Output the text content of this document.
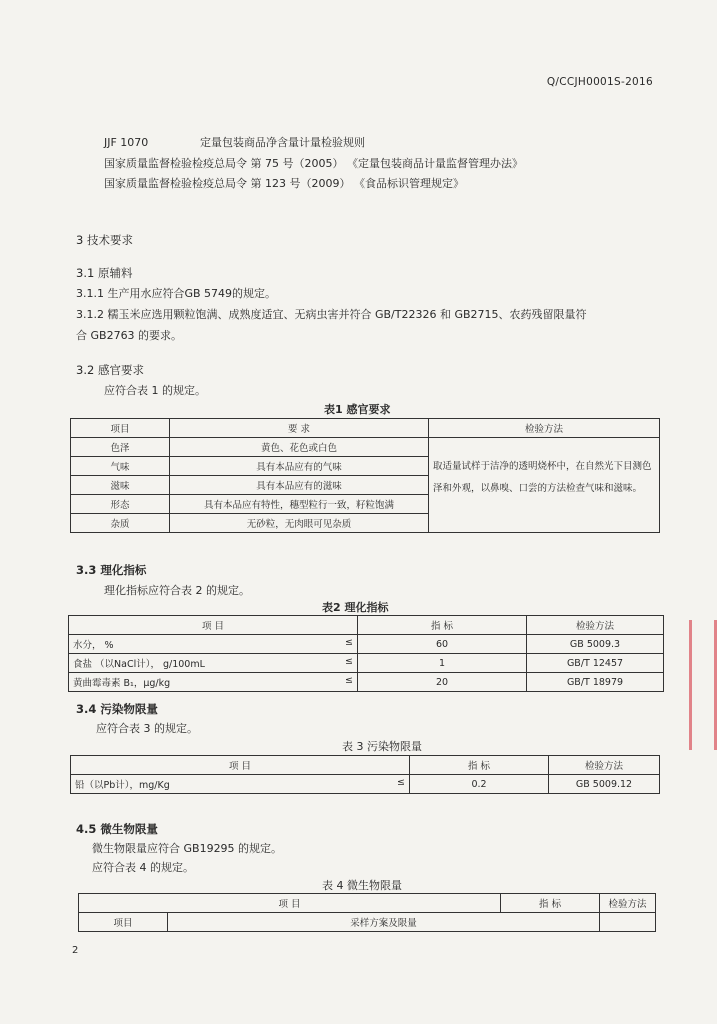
Q/CCJH0001S-2016
JJF 1070	定量包装商品净含量计量检验规则
国家质量监督检验检疫总局令 第 75 号（2005） 《定量包装商品计量监督管理办法》
国家质量监督检验检疫总局令 第 123 号（2009） 《食品标识管理规定》
3 技术要求
3.1 原辅料
3.1.1 生产用水应符合GB 5749的规定。
3.1.2 糯玉米应选用颗粒饱满、成熟度适宜、无病虫害并符合 GB/T22326 和 GB2715、农药残留限量符
合 GB2763 的要求。
3.2 感官要求
应符合表 1 的规定。
表1 感官要求
项目	要 求	检验方法
色泽	黄色、花色或白色	取适量试样于洁净的透明烧杯中，在自然光下目测色泽和外观，以鼻嗅、口尝的方法检查气味和滋味。
气味	具有本品应有的气味	
滋味	具有本品应有的滋味	
形态	具有本品应有特性，穗型粒行一致，籽粒饱满	
杂质	无砂粒，无肉眼可见杂质	
3.3 理化指标
理化指标应符合表 2 的规定。
表2 理化指标
项 目	指 标	检验方法
水分， % ≤	60	GB 5009.3
食盐 （以NaCl计）， g/100mL ≤	1	GB/T 12457
黄曲霉毒素 B₁，μg/kg ≤	20	GB/T 18979
3.4 污染物限量
应符合表 3 的规定。
表 3 污染物限量
项 目	指 标	检验方法
铅（以Pb计），mg/Kg ≤	0.2	GB 5009.12
4.5 微生物限量
微生物限量应符合 GB19295 的规定。
应符合表 4 的规定。
表 4 微生物限量
项 目		指 标	检验方法
项目	采样方案及限量		
2
